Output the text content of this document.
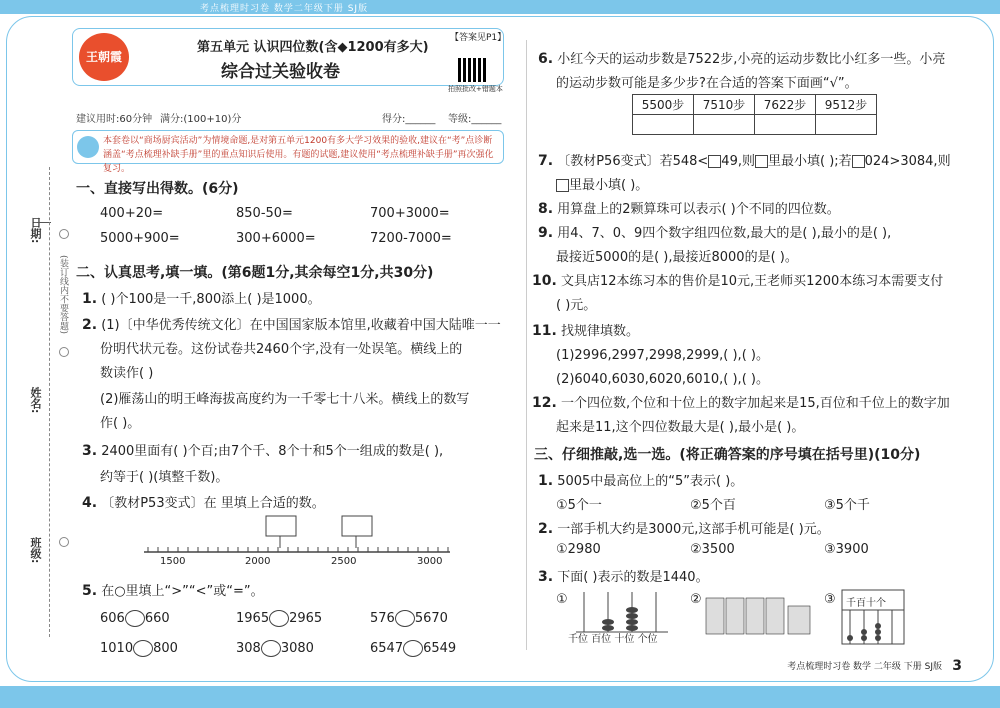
考点梳理时习卷 数学二年级下册 SJ版
日期:
姓名:
班级:
(装订线内不要答题)
王朝霞
第五单元 认识四位数(含◆1200有多大)
综合过关验收卷
【答案见P1】
拍照批改+错题本
建议用时:60分钟 满分:(100+10)分	得分:______ 等级:______
本套卷以“商场厨宾活动”为情境命题,是对第五单元1200有多大学习效果的验收,建议在“考”点诊断
涵盖“考点梳理补缺手册”里的重点知识后使用。有题的试题,建议使用“考点梳理补缺手册”再次强化复习。
一、直接写出得数。(6分)
400+20=	850-50=	700+3000=
5000+900=	300+6000=	7200-7000=
二、认真思考,填一填。(第6题1分,其余每空1分,共30分)
1. ( )个100是一千,800添上( )是1000。
2. (1)〔中华优秀传统文化〕在中国国家版本馆里,收藏着中国大陆唯一一
份明代状元卷。这份试卷共2460个字,没有一处误笔。横线上的
数读作( )
(2)雁荡山的明王峰海拔高度约为一千零七十八米。横线上的数写
作( )。
3. 2400里面有( )个百;由7个千、8个十和5个一组成的数是( ),
约等于( )(填整千数)。
4. 〔教材P53变式〕在 里填上合适的数。
1500	2000	2500	3000
5. 在○里填上“>”“<”或“=”。
606 660	1965 2965	576 5670
1010 800	308 3080	6547 6549
6. 小红今天的运动步数是7522步,小亮的运动步数比小红多一些。小亮
的运动步数可能是多少步?在合适的答案下面画“√”。
5500步	7510步	7622步	9512步

7. 〔教材P56变式〕若548< 49,则 里最小填( );若 024>3084,则
里最小填( )。
8. 用算盘上的2颗算珠可以表示( )个不同的四位数。
9. 用4、7、0、9四个数字组四位数,最大的是( ),最小的是( ),
最接近5000的是( ),最接近8000的是( )。
10. 文具店12本练习本的售价是10元,王老师买1200本练习本需要支付
( )元。
11. 找规律填数。
(1)2996,2997,2998,2999,( ),( )。
(2)6040,6030,6020,6010,( ),( )。
12. 一个四位数,个位和十位上的数字加起来是15,百位和千位上的数字加
起来是11,这个四位数最大是( ),最小是( )。
三、仔细推敲,选一选。(将正确答案的序号填在括号里)(10分)
1. 5005中最高位上的“5”表示( )。
①5个一	②5个百	③5个千
2. 一部手机大约是3000元,这部手机可能是( )元。
①2980	②3500	③3900
3. 下面( )表示的数是1440。
①
千位 百位 十位 个位
②	③ 千百十个
考点梳理时习卷 数学 二年级 下册 SJ版 3
